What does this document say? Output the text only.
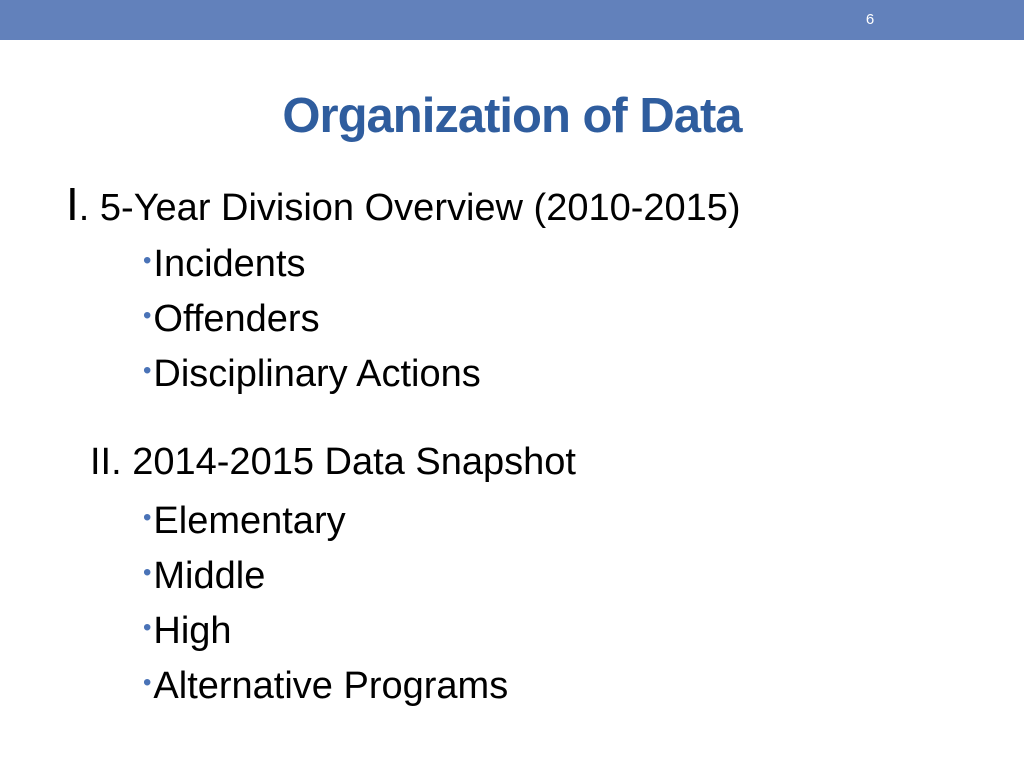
6
Organization of Data
I. 5-Year Division Overview (2010-2015)
•Incidents
•Offenders
•Disciplinary Actions
II. 2014-2015 Data Snapshot
•Elementary
•Middle
•High
•Alternative Programs
